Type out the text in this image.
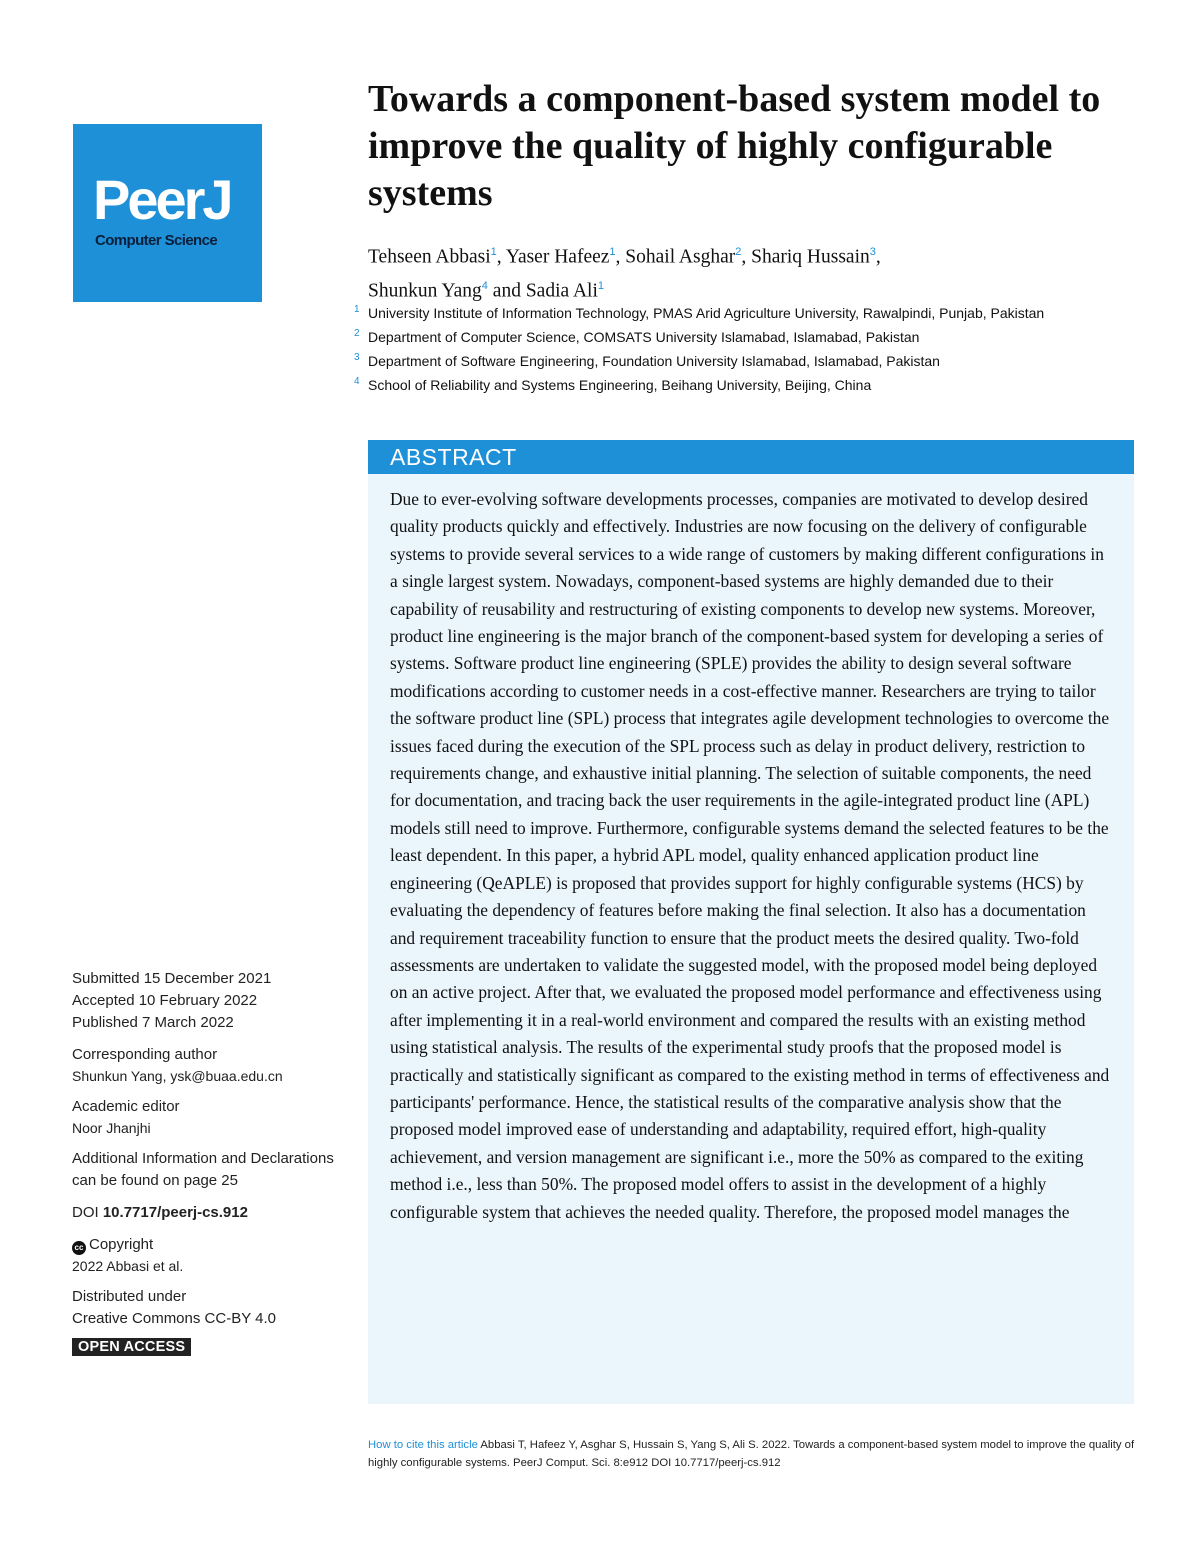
PeerJ
Computer Science
Towards a component-based system model to improve the quality of highly configurable systems
Tehseen Abbasi$^1$, Yaser Hafeez$^1$, Sohail Asghar$^2$, Shariq Hussain$^3$,
Shunkun Yang$^4$ and Sadia Ali$^1$
1 University Institute of Information Technology, PMAS Arid Agriculture University, Rawalpindi, Punjab, Pakistan
2 Department of Computer Science, COMSATS University Islamabad, Islamabad, Pakistan
3 Department of Software Engineering, Foundation University Islamabad, Islamabad, Pakistan
4 School of Reliability and Systems Engineering, Beihang University, Beijing, China
ABSTRACT
Due to ever-evolving software developments processes, companies are motivated to develop desired quality products quickly and effectively. Industries are now focusing on the delivery of configurable systems to provide several services to a wide range of customers by making different configurations in a single largest system. Nowadays, component-based systems are highly demanded due to their capability of reusability and restructuring of existing components to develop new systems. Moreover, product line engineering is the major branch of the component-based system for developing a series of systems. Software product line engineering (SPLE) provides the ability to design several software modifications according to customer needs in a cost-effective manner. Researchers are trying to tailor the software product line (SPL) process that integrates agile development technologies to overcome the issues faced during the execution of the SPL process such as delay in product delivery, restriction to requirements change, and exhaustive initial planning. The selection of suitable components, the need for documentation, and tracing back the user requirements in the agile-integrated product line (APL) models still need to improve. Furthermore, configurable systems demand the selected features to be the least dependent. In this paper, a hybrid APL model, quality enhanced application product line engineering (QeAPLE) is proposed that provides support for highly configurable systems (HCS) by evaluating the dependency of features before making the final selection. It also has a documentation and requirement traceability function to ensure that the product meets the desired quality. Two-fold assessments are undertaken to validate the suggested model, with the proposed model being deployed on an active project. After that, we evaluated the proposed model performance and effectiveness using after implementing it in a real-world environment and compared the results with an existing method using statistical analysis. The results of the experimental study proofs that the proposed model is practically and statistically significant as compared to the existing method in terms of effectiveness and participants' performance. Hence, the statistical results of the comparative analysis show that the proposed model improved ease of understanding and adaptability, required effort, high-quality achievement, and version management are significant i.e., more the 50% as compared to the exiting method i.e., less than 50%. The proposed model offers to assist in the development of a highly configurable system that achieves the needed quality. Therefore, the proposed model manages the
Submitted 15 December 2021
Accepted 10 February 2022
Published 7 March 2022
Corresponding author
Shunkun Yang, ysk@buaa.edu.cn
Academic editor
Noor Jhanjhi
Additional Information and Declarations can be found on page 25
DOI 10.7717/peerj-cs.912
cc Copyright
2022 Abbasi et al.
Distributed under
Creative Commons CC-BY 4.0
OPEN ACCESS
How to cite this article Abbasi T, Hafeez Y, Asghar S, Hussain S, Yang S, Ali S. 2022. Towards a component-based system model to improve the quality of highly configurable systems. PeerJ Comput. Sci. 8:e912 DOI 10.7717/peerj-cs.912
